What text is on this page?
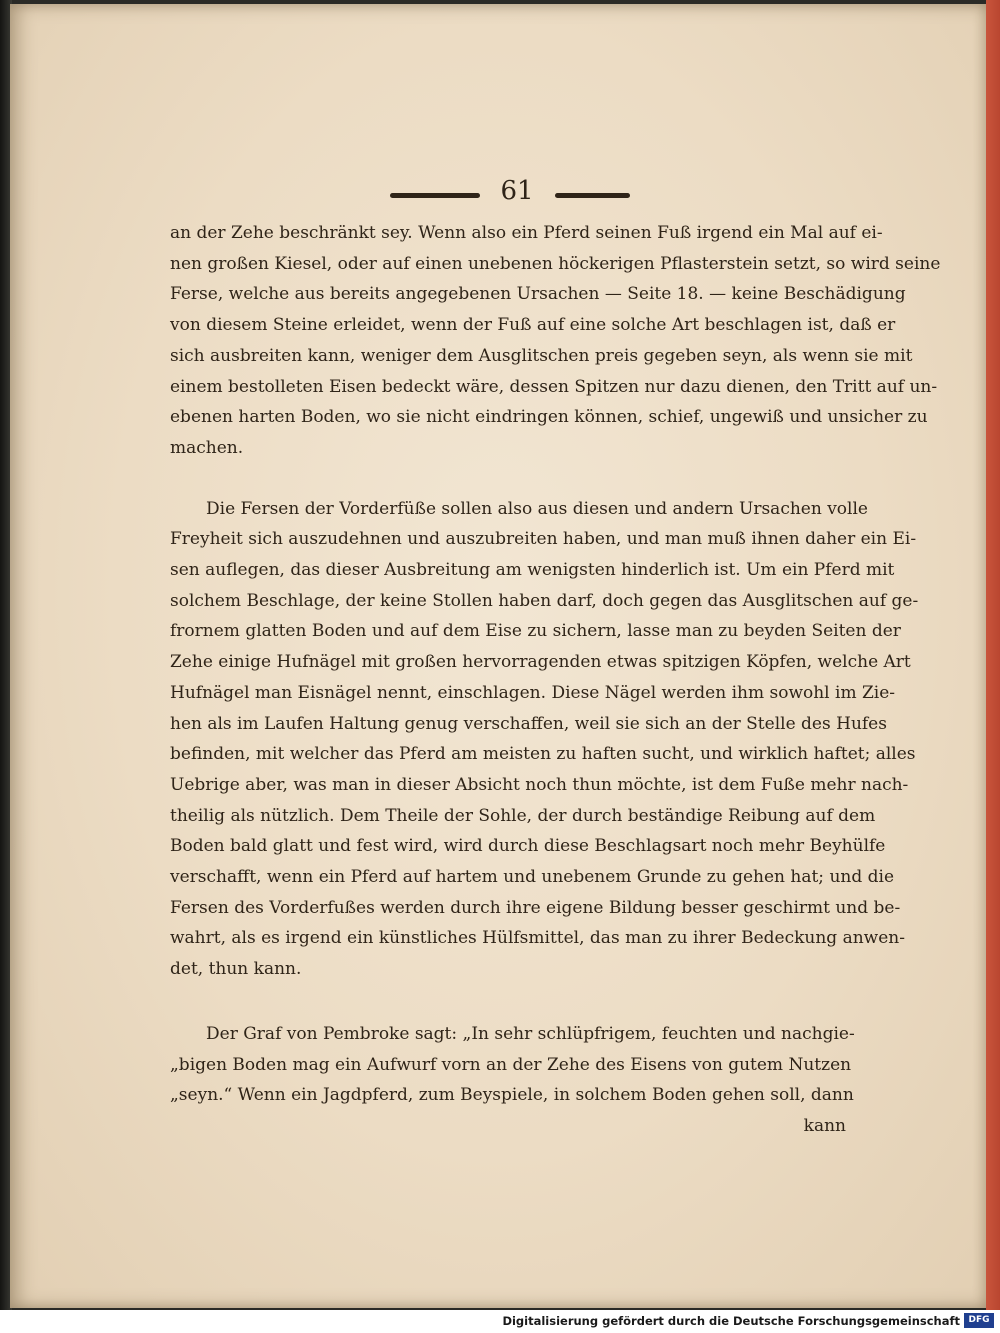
61
an der Zehe beschränkt sey. Wenn also ein Pferd seinen Fuß irgend ein Mal auf ei-
nen großen Kiesel, oder auf einen unebenen höckerigen Pflasterstein setzt, so wird seine
Ferse, welche aus bereits angegebenen Ursachen — Seite 18. — keine Beschädigung
von diesem Steine erleidet, wenn der Fuß auf eine solche Art beschlagen ist, daß er
sich ausbreiten kann, weniger dem Ausglitschen preis gegeben seyn, als wenn sie mit
einem bestolleten Eisen bedeckt wäre, dessen Spitzen nur dazu dienen, den Tritt auf un-
ebenen harten Boden, wo sie nicht eindringen können, schief, ungewiß und unsicher zu
machen.
Die Fersen der Vorderfüße sollen also aus diesen und andern Ursachen volle
Freyheit sich auszudehnen und auszubreiten haben, und man muß ihnen daher ein Ei-
sen auflegen, das dieser Ausbreitung am wenigsten hinderlich ist. Um ein Pferd mit
solchem Beschlage, der keine Stollen haben darf, doch gegen das Ausglitschen auf ge-
frornem glatten Boden und auf dem Eise zu sichern, lasse man zu beyden Seiten der
Zehe einige Hufnägel mit großen hervorragenden etwas spitzigen Köpfen, welche Art
Hufnägel man Eisnägel nennt, einschlagen. Diese Nägel werden ihm sowohl im Zie-
hen als im Laufen Haltung genug verschaffen, weil sie sich an der Stelle des Hufes
befinden, mit welcher das Pferd am meisten zu haften sucht, und wirklich haftet; alles
Uebrige aber, was man in dieser Absicht noch thun möchte, ist dem Fuße mehr nach-
theilig als nützlich. Dem Theile der Sohle, der durch beständige Reibung auf dem
Boden bald glatt und fest wird, wird durch diese Beschlagsart noch mehr Beyhülfe
verschafft, wenn ein Pferd auf hartem und unebenem Grunde zu gehen hat; und die
Fersen des Vorderfußes werden durch ihre eigene Bildung besser geschirmt und be-
wahrt, als es irgend ein künstliches Hülfsmittel, das man zu ihrer Bedeckung anwen-
det, thun kann.
Der Graf von Pembroke sagt: „In sehr schlüpfrigem, feuchten und nachgie-
„bigen Boden mag ein Aufwurf vorn an der Zehe des Eisens von gutem Nutzen
„seyn.“ Wenn ein Jagdpferd, zum Beyspiele, in solchem Boden gehen soll, dann
kann
Digitalisierung gefördert durch die Deutsche Forschungsgemeinschaft DFG
